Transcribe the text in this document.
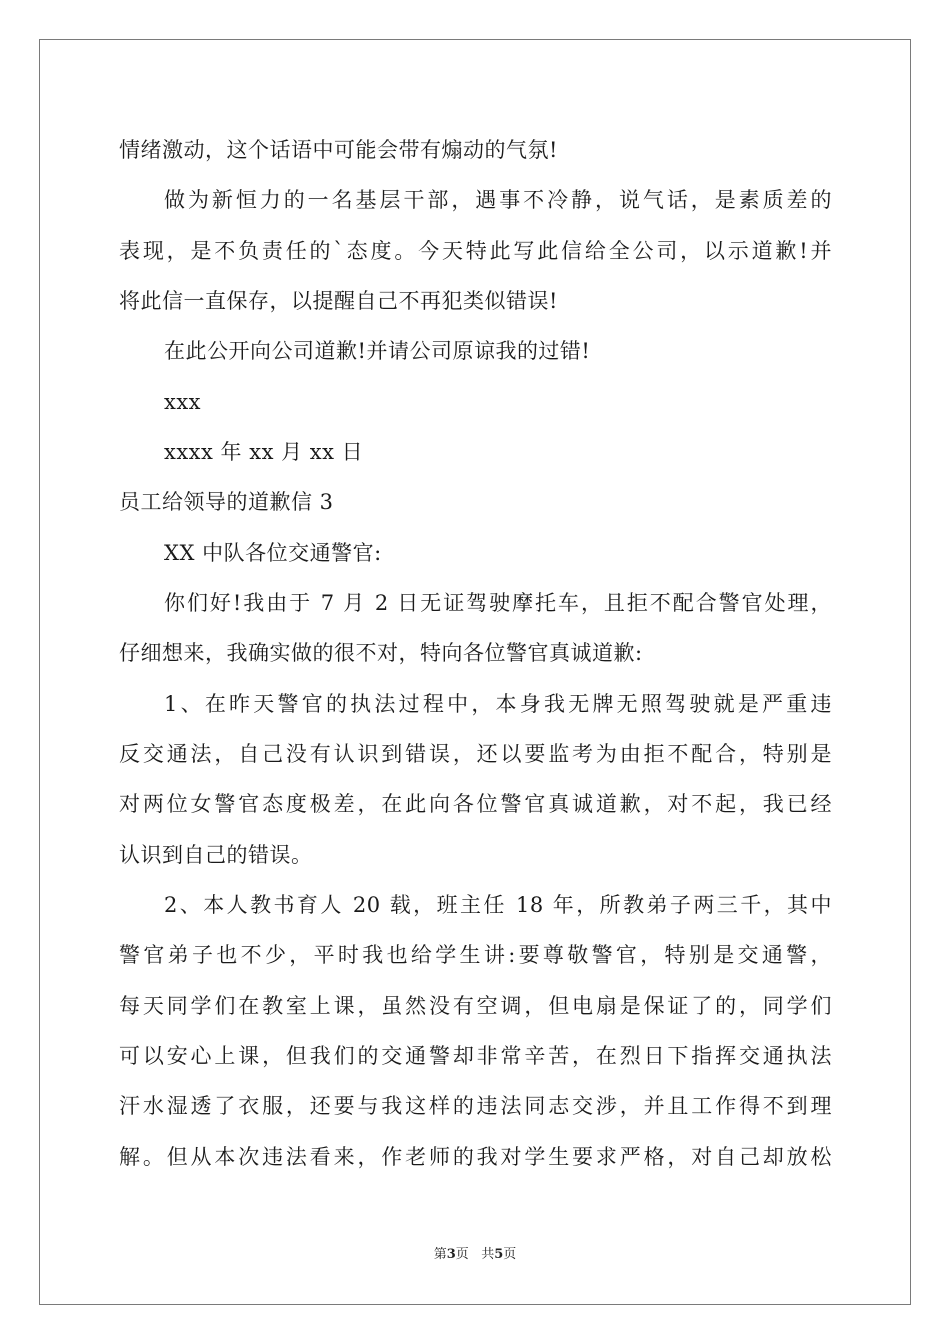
情绪激动，这个话语中可能会带有煽动的气氛!
做为新恒力的一名基层干部，遇事不冷静，说气话，是素质差的
表现，是不负责任的`态度。今天特此写此信给全公司，以示道歉!并
将此信一直保存，以提醒自己不再犯类似错误!
在此公开向公司道歉!并请公司原谅我的过错!
xxx
xxxx 年 xx 月 xx 日
员工给领导的道歉信 3
XX 中队各位交通警官:
你们好!我由于 7 月 2 日无证驾驶摩托车，且拒不配合警官处理，
仔细想来，我确实做的很不对，特向各位警官真诚道歉:
1、在昨天警官的执法过程中，本身我无牌无照驾驶就是严重违
反交通法，自己没有认识到错误，还以要监考为由拒不配合，特别是
对两位女警官态度极差，在此向各位警官真诚道歉，对不起，我已经
认识到自己的错误。
2、本人教书育人 20 载，班主任 18 年，所教弟子两三千，其中
警官弟子也不少，平时我也给学生讲:要尊敬警官，特别是交通警，
每天同学们在教室上课，虽然没有空调，但电扇是保证了的，同学们
可以安心上课，但我们的交通警却非常辛苦，在烈日下指挥交通执法
汗水湿透了衣服，还要与我这样的违法同志交涉，并且工作得不到理
解。但从本次违法看来，作老师的我对学生要求严格，对自己却放松
第3页 共5页
